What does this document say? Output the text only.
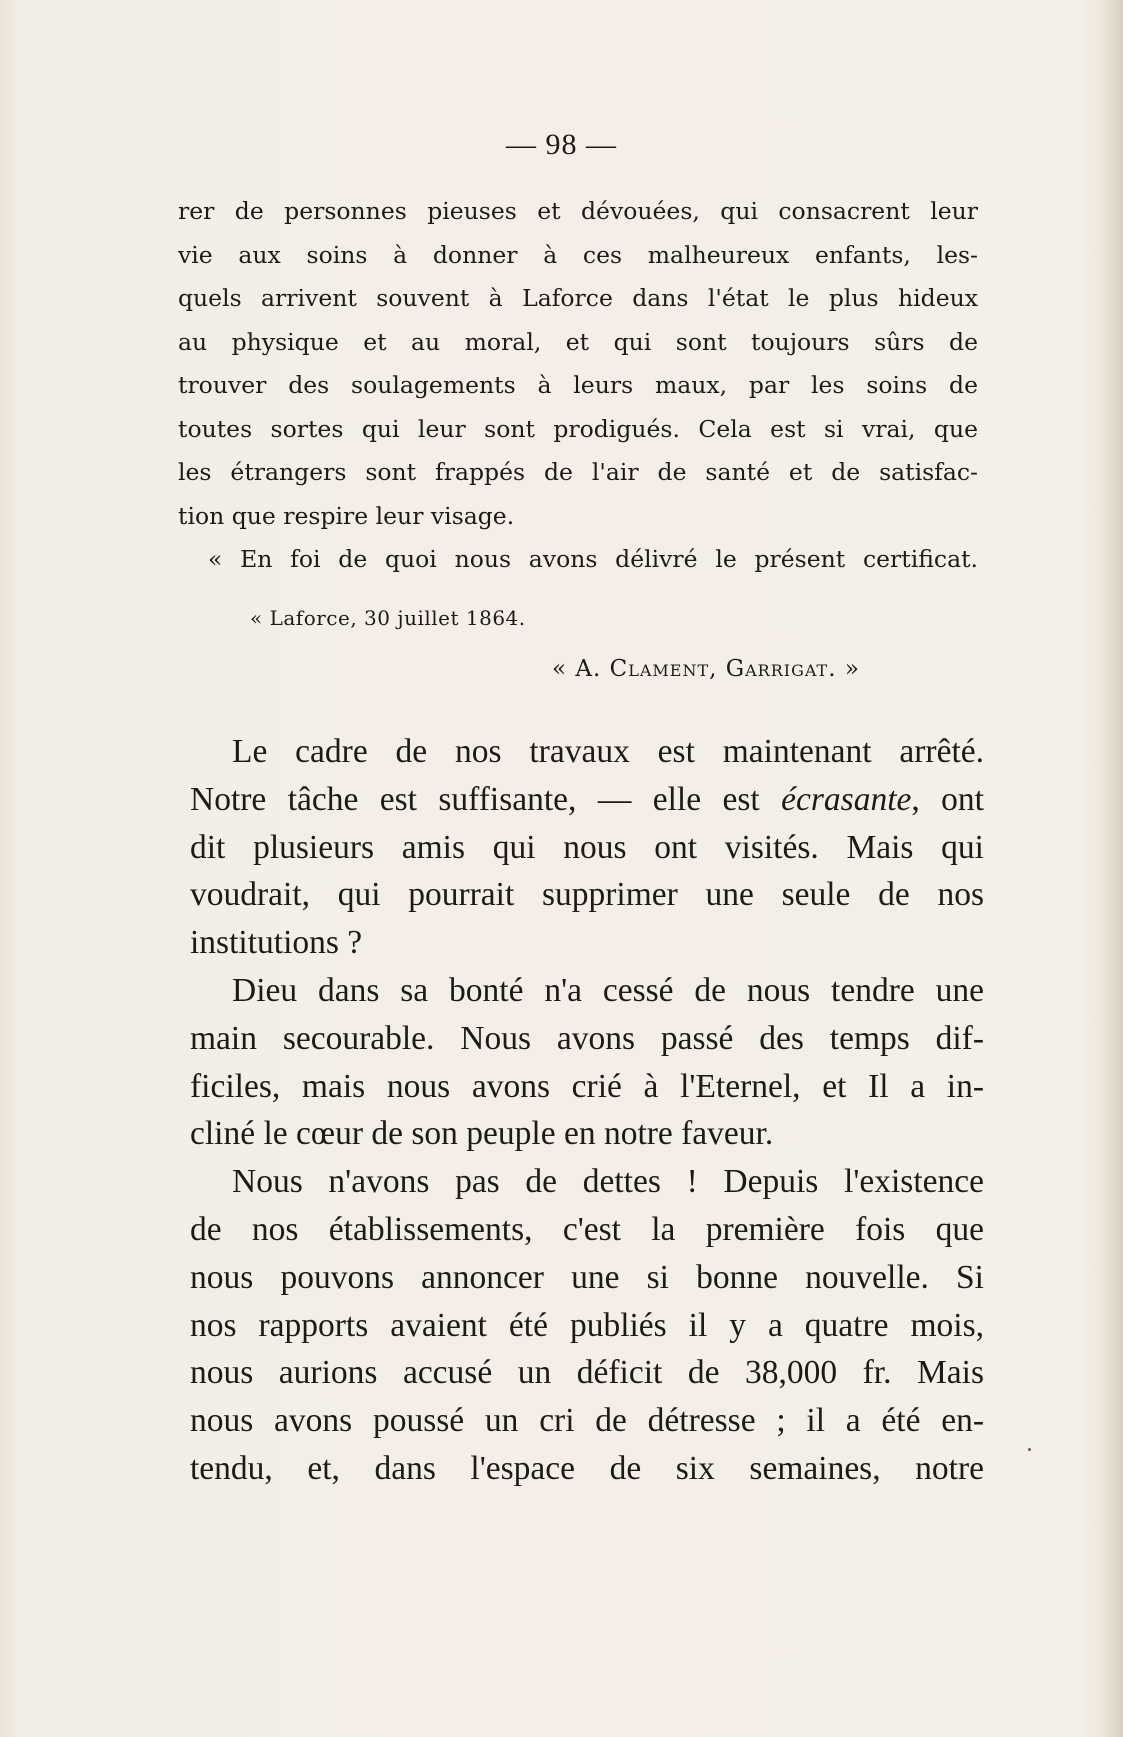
— 98 —
rer de personnes pieuses et dévouées, qui consacrent leur
vie aux soins à donner à ces malheureux enfants, les-
quels arrivent souvent à Laforce dans l'état le plus hideux
au physique et au moral, et qui sont toujours sûrs de
trouver des soulagements à leurs maux, par les soins de
toutes sortes qui leur sont prodigués. Cela est si vrai, que
les étrangers sont frappés de l'air de santé et de satisfac-
tion que respire leur visage.
« En foi de quoi nous avons délivré le présent certificat.
« Laforce, 30 juillet 1864.
« A. Clament, Garrigat. »
Le cadre de nos travaux est maintenant arrêté.
Notre tâche est suffisante, — elle est écrasante, ont
dit plusieurs amis qui nous ont visités. Mais qui
voudrait, qui pourrait supprimer une seule de nos
institutions ?
Dieu dans sa bonté n'a cessé de nous tendre une
main secourable. Nous avons passé des temps dif-
ficiles, mais nous avons crié à l'Eternel, et Il a in-
cliné le cœur de son peuple en notre faveur.
Nous n'avons pas de dettes ! Depuis l'existence
de nos établissements, c'est la première fois que
nous pouvons annoncer une si bonne nouvelle. Si
nos rapports avaient été publiés il y a quatre mois,
nous aurions accusé un déficit de 38,000 fr. Mais
nous avons poussé un cri de détresse ; il a été en-
tendu, et, dans l'espace de six semaines, notre
